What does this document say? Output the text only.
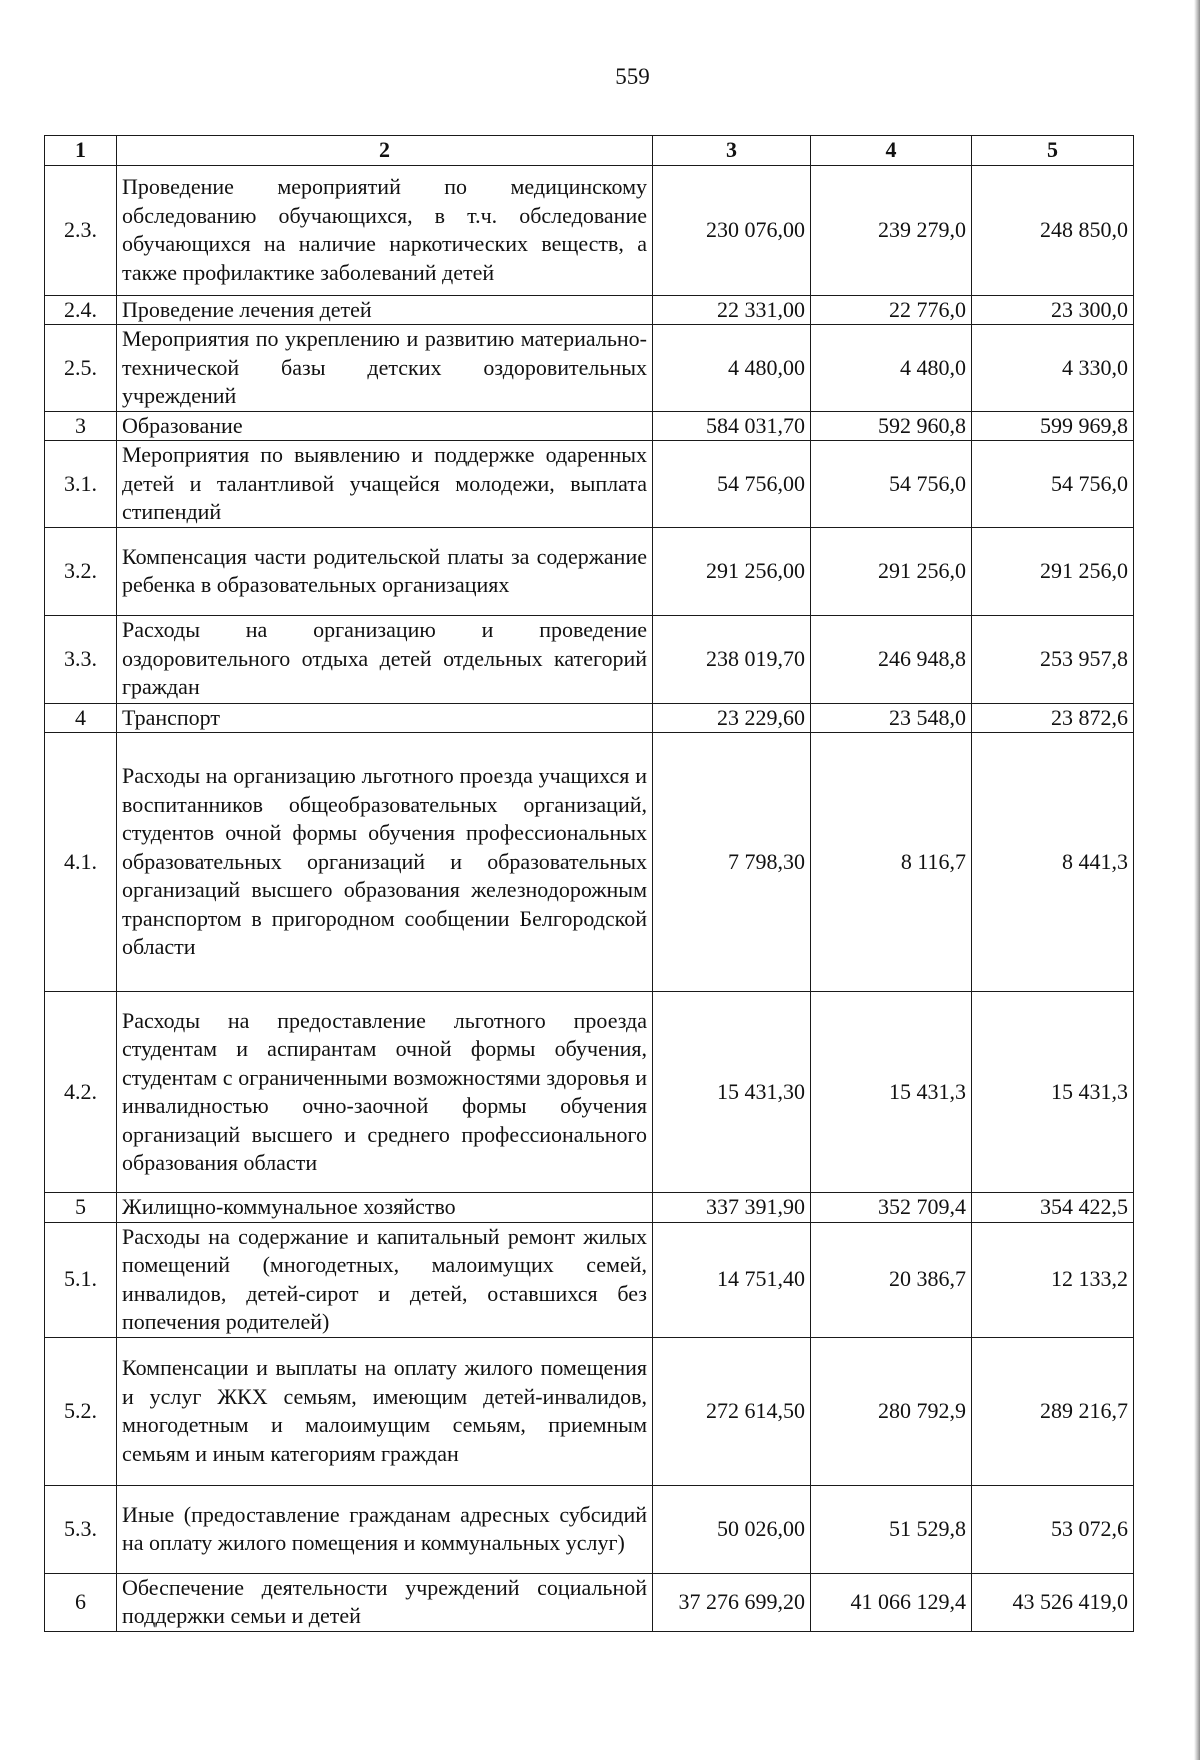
559
1	2	3	4	5
2.3.	Проведение мероприятий по медицинскому обследованию обучающихся, в т.ч. обследование обучающихся на наличие наркотических веществ, а также профилактике заболеваний детей	230 076,00	239 279,0	248 850,0
2.4.	Проведение лечения детей	22 331,00	22 776,0	23 300,0
2.5.	Мероприятия по укреплению и развитию материально-технической базы детских оздоровительных учреждений	4 480,00	4 480,0	4 330,0
3	Образование	584 031,70	592 960,8	599 969,8
3.1.	Мероприятия по выявлению и поддержке одаренных детей и талантливой учащейся молодежи, выплата стипендий	54 756,00	54 756,0	54 756,0
3.2.	Компенсация части родительской платы за содержание ребенка в образовательных организациях	291 256,00	291 256,0	291 256,0
3.3.	Расходы на организацию и проведение оздоровительного отдыха детей отдельных категорий граждан	238 019,70	246 948,8	253 957,8
4	Транспорт	23 229,60	23 548,0	23 872,6
4.1.	Расходы на организацию льготного проезда учащихся и воспитанников общеобразовательных организаций, студентов очной формы обучения профессиональных образовательных организаций и образовательных организаций высшего образования железнодорожным транспортом в пригородном сообщении Белгородской области	7 798,30	8 116,7	8 441,3
4.2.	Расходы на предоставление льготного проезда студентам и аспирантам очной формы обучения, студентам с ограниченными возможностями здоровья и инвалидностью очно-заочной формы обучения организаций высшего и среднего профессионального образования области	15 431,30	15 431,3	15 431,3
5	Жилищно-коммунальное хозяйство	337 391,90	352 709,4	354 422,5
5.1.	Расходы на содержание и капитальный ремонт жилых помещений (многодетных, малоимущих семей, инвалидов, детей-сирот и детей, оставшихся без попечения родителей)	14 751,40	20 386,7	12 133,2
5.2.	Компенсации и выплаты на оплату жилого помещения и услуг ЖКХ семьям, имеющим детей-инвалидов, многодетным и малоимущим семьям, приемным семьям и иным категориям граждан	272 614,50	280 792,9	289 216,7
5.3.	Иные (предоставление гражданам адресных субсидий на оплату жилого помещения и коммунальных услуг)	50 026,00	51 529,8	53 072,6
6	Обеспечение деятельности учреждений социальной поддержки семьи и детей	37 276 699,20	41 066 129,4	43 526 419,0
